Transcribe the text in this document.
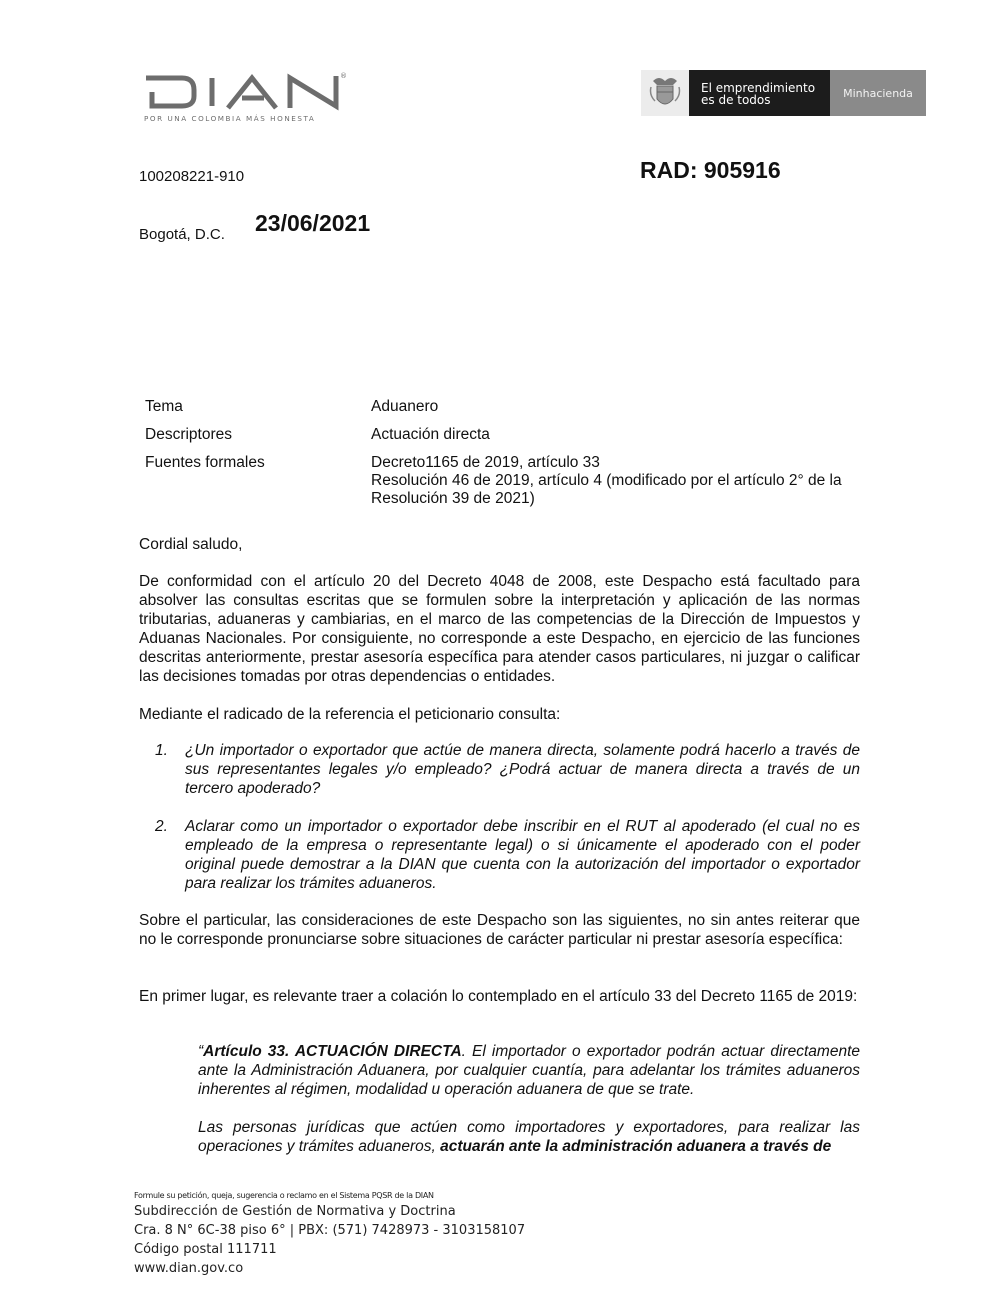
®
POR UNA COLOMBIA MÁS HONESTA
El emprendimiento
es de todos	Minhacienda
100208221-910	RAD: 905916
Bogotá, D.C. 23/06/2021
Tema	Aduanero
Descriptores	Actuación directa
Fuentes formales	Decreto1165 de 2019, artículo 33
Resolución 46 de 2019, artículo 4 (modificado por el artículo 2° de la Resolución 39 de 2021)
Cordial saludo,
De conformidad con el artículo 20 del Decreto 4048 de 2008, este Despacho está facultado para absolver las consultas escritas que se formulen sobre la interpretación y aplicación de las normas tributarias, aduaneras y cambiarias, en el marco de las competencias de la Dirección de Impuestos y Aduanas Nacionales. Por consiguiente, no corresponde a este Despacho, en ejercicio de las funciones descritas anteriormente, prestar asesoría específica para atender casos particulares, ni juzgar o calificar las decisiones tomadas por otras dependencias o entidades.
Mediante el radicado de la referencia el peticionario consulta:
1.	¿Un importador o exportador que actúe de manera directa, solamente podrá hacerlo a través de sus representantes legales y/o empleado? ¿Podrá actuar de manera directa a través de un tercero apoderado?
2.	Aclarar como un importador o exportador debe inscribir en el RUT al apoderado (el cual no es empleado de la empresa o representante legal) o si únicamente el apoderado con el poder original puede demostrar a la DIAN que cuenta con la autorización del importador o exportador para realizar los trámites aduaneros.
Sobre el particular, las consideraciones de este Despacho son las siguientes, no sin antes reiterar que no le corresponde pronunciarse sobre situaciones de carácter particular ni prestar asesoría específica:
En primer lugar, es relevante traer a colación lo contemplado en el artículo 33 del Decreto 1165 de 2019:
“Artículo 33. ACTUACIÓN DIRECTA. El importador o exportador podrán actuar directamente ante la Administración Aduanera, por cualquier cuantía, para adelantar los trámites aduaneros inherentes al régimen, modalidad u operación aduanera de que se trate.
Las personas jurídicas que actúen como importadores y exportadores, para realizar las operaciones y trámites aduaneros, actuarán ante la administración aduanera a través de
Formule su petición, queja, sugerencia o reclamo en el Sistema PQSR de la DIAN
Subdirección de Gestión de Normativa y Doctrina
Cra. 8 N° 6C-38 piso 6° | PBX: (571) 7428973 - 3103158107
Código postal 111711
www.dian.gov.co
